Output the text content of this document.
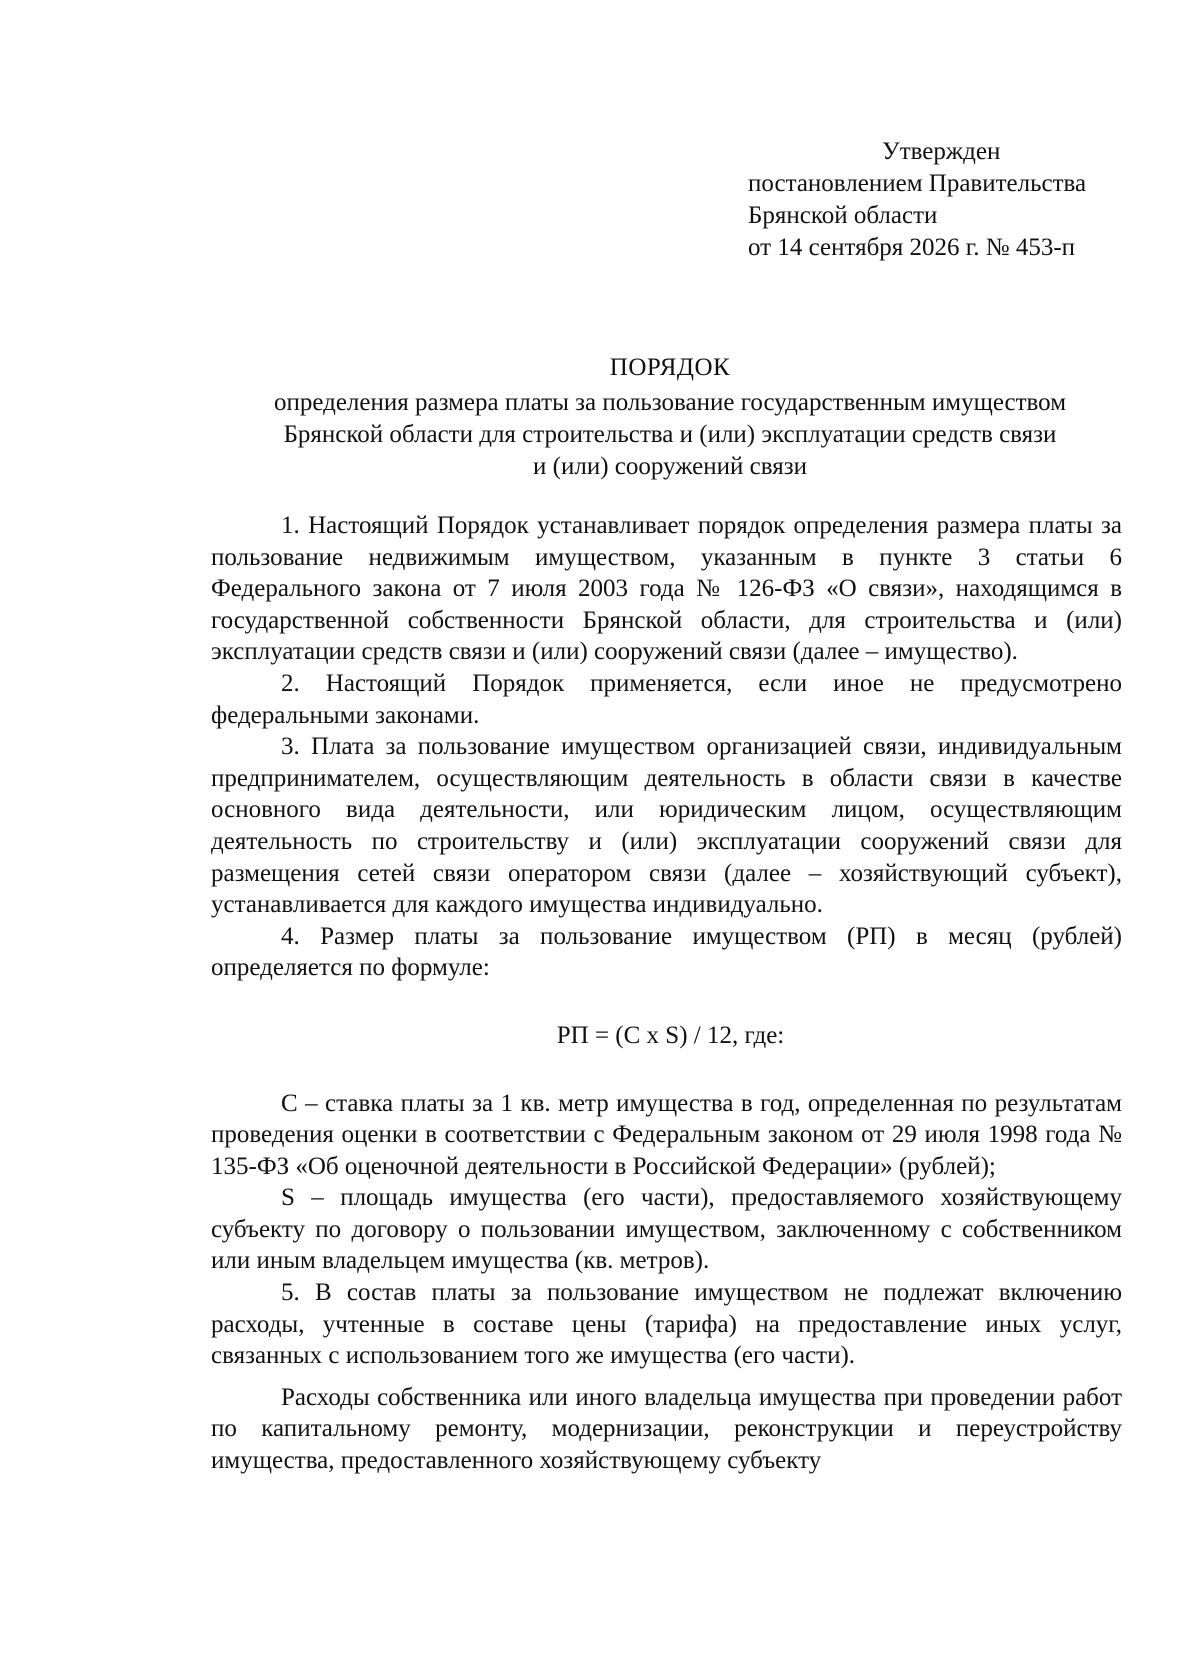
Утвержден
постановлением Правительства
Брянской области
от 14 сентября 2026 г. № 453-п
ПОРЯДОК
определения размера платы за пользование государственным имуществом
Брянской области для строительства и (или) эксплуатации средств связи
и (или) сооружений связи

1. Настоящий Порядок устанавливает порядок определения размера платы за пользование недвижимым имуществом, указанным в пункте 3 статьи 6 Федерального закона от 7 июля 2003 года № 126-ФЗ «О связи», находящимся в государственной собственности Брянской области, для строительства и (или) эксплуатации средств связи и (или) сооружений связи (далее – имущество).

2. Настоящий Порядок применяется, если иное не предусмотрено федеральными законами.

3. Плата за пользование имуществом организацией связи, индивидуальным предпринимателем, осуществляющим деятельность в области связи в качестве основного вида деятельности, или юридическим лицом, осуществляющим деятельность по строительству и (или) эксплуатации сооружений связи для размещения сетей связи оператором связи (далее – хозяйствующий субъект), устанавливается для каждого имущества индивидуально.

4. Размер платы за пользование имуществом (РП) в месяц (рублей) определяется по формуле:

РП = (С х S) / 12, где:

С – ставка платы за 1 кв. метр имущества в год, определенная по результатам проведения оценки в соответствии с Федеральным законом от 29 июля 1998 года № 135-ФЗ «Об оценочной деятельности в Российской Федерации» (рублей);

S – площадь имущества (его части), предоставляемого хозяйствующему субъекту по договору о пользовании имуществом, заключенному с собственником или иным владельцем имущества (кв. метров).

5. В состав платы за пользование имуществом не подлежат включению расходы, учтенные в составе цены (тарифа) на предоставление иных услуг, связанных с использованием того же имущества (его части).

Расходы собственника или иного владельца имущества при проведении работ по капитальному ремонту, модернизации, реконструкции и переустройству имущества, предоставленного хозяйствующему субъекту
